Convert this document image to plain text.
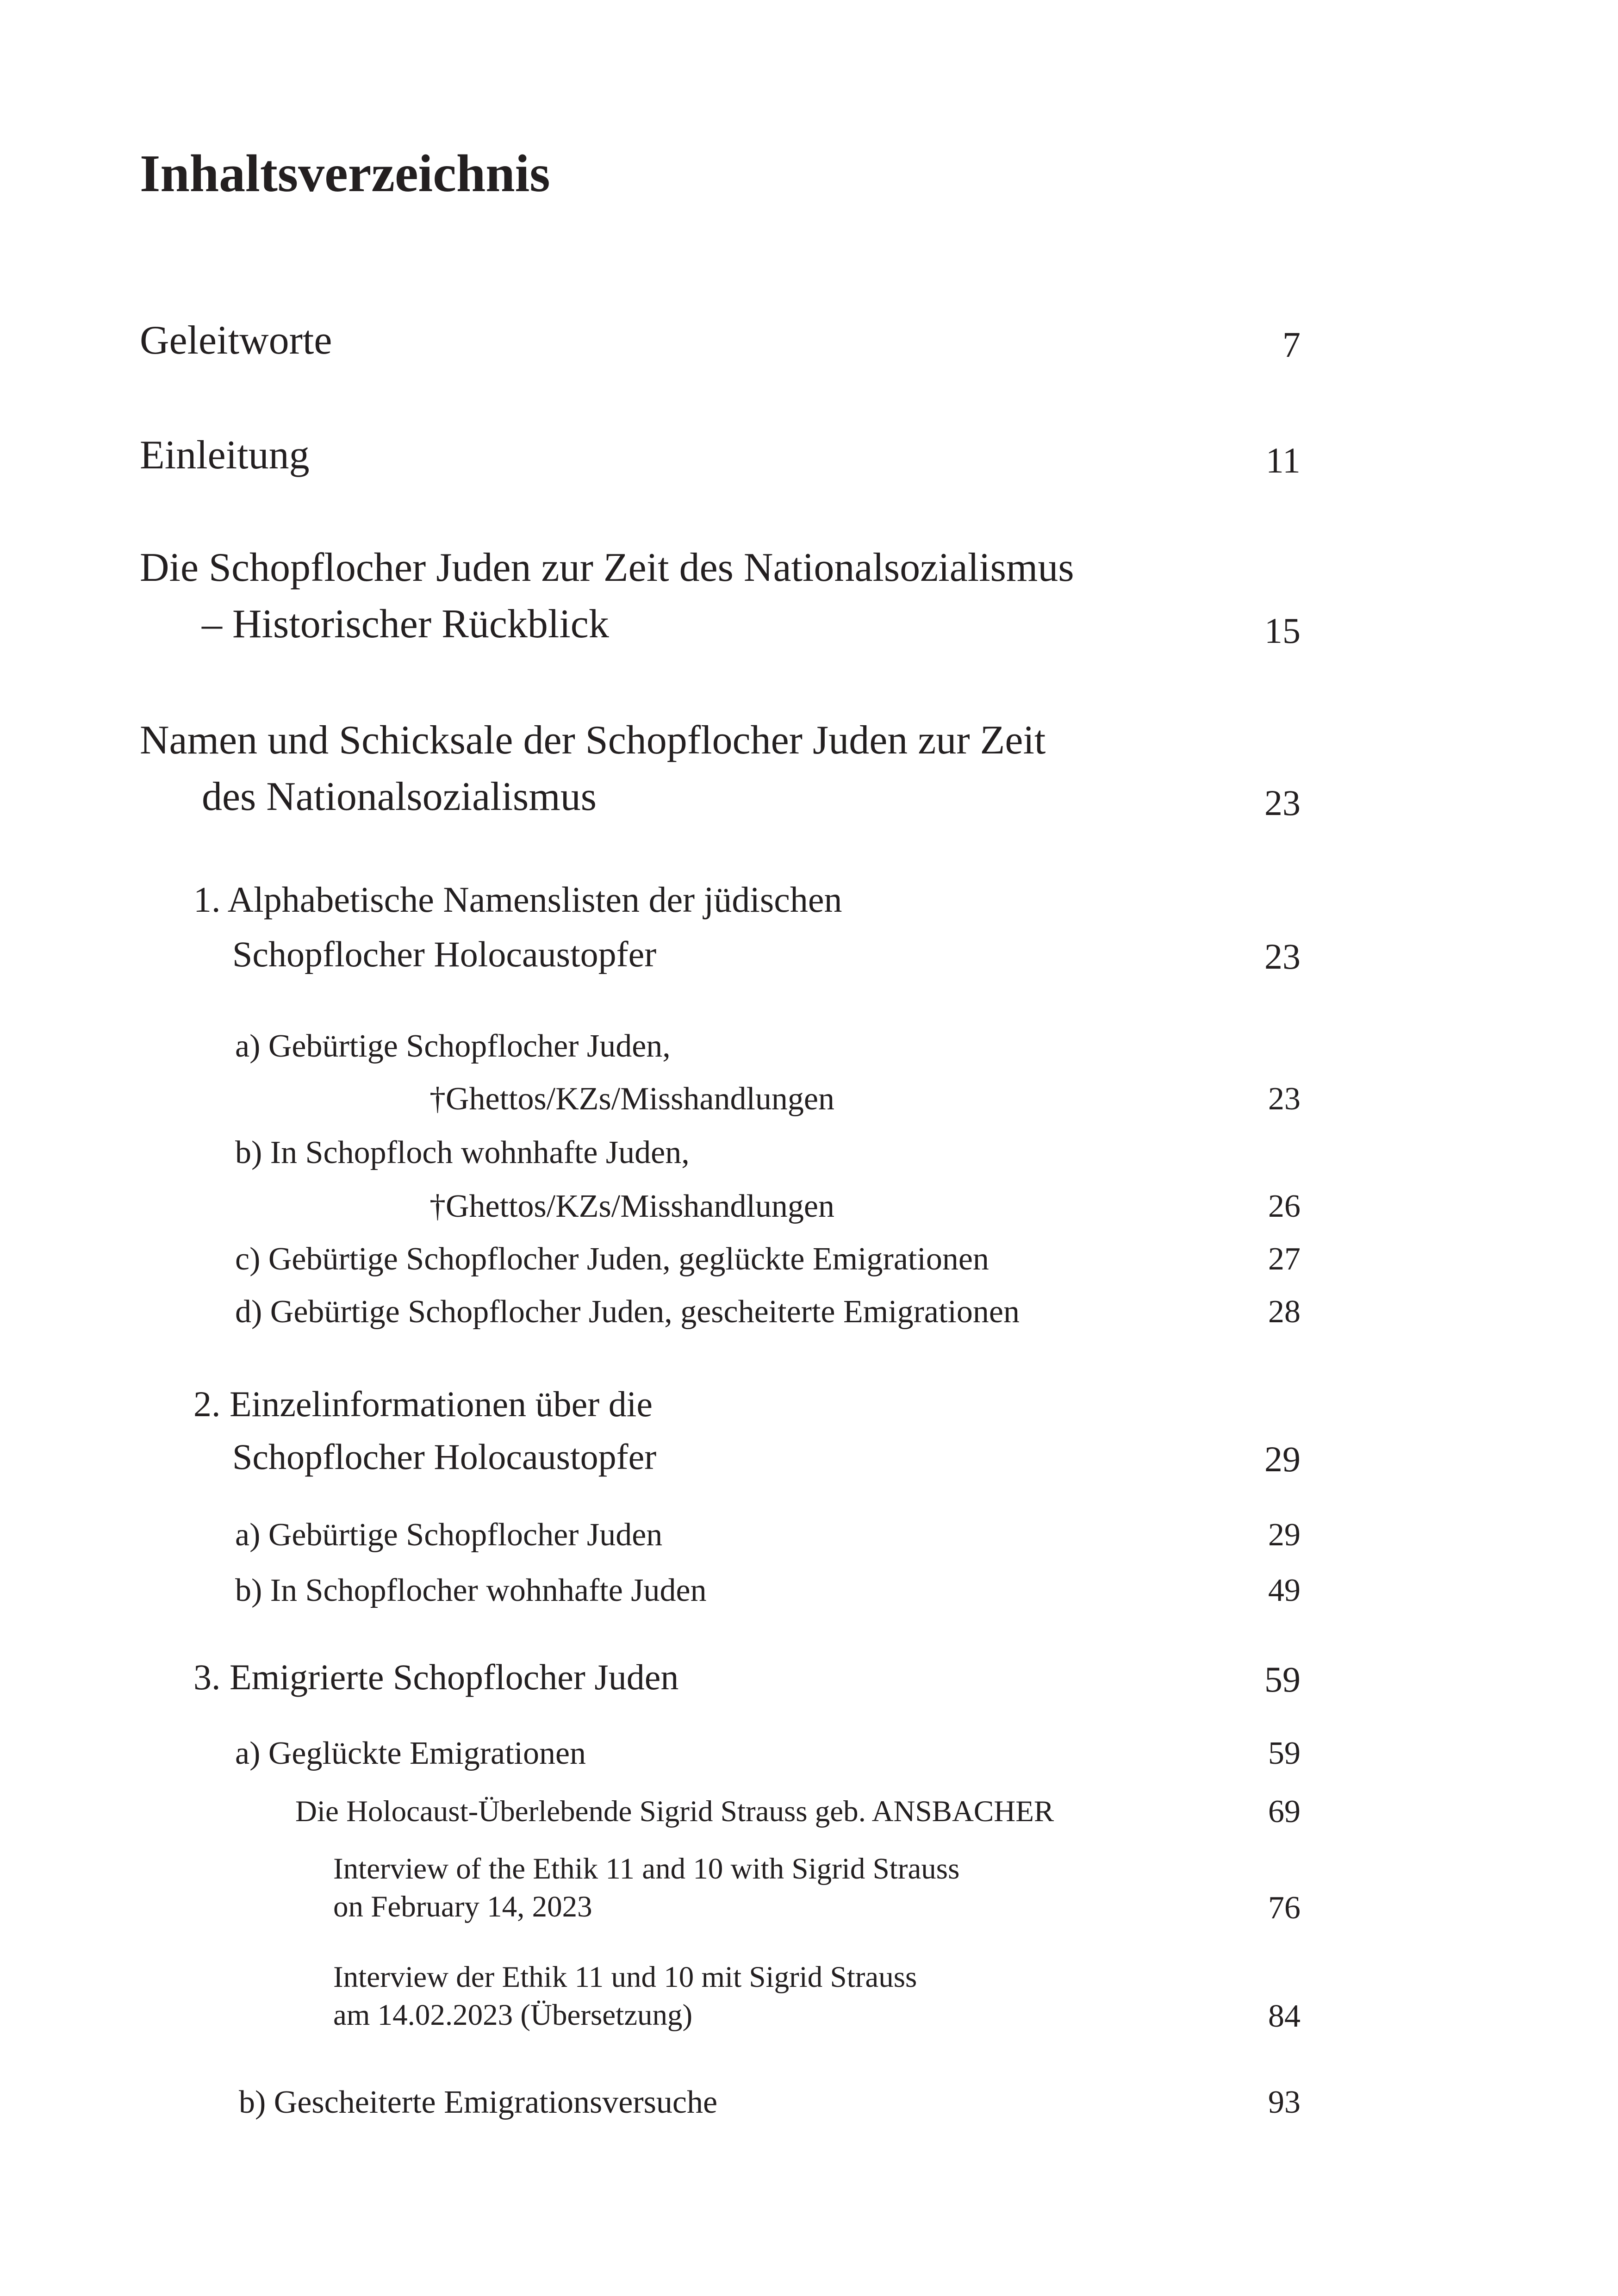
Inhaltsverzeichnis
Geleitworte	7
Einleitung	11
Die Schopflocher Juden zur Zeit des Nationalsozialismus
– Historischer Rückblick	15
Namen und Schicksale der Schopflocher Juden zur Zeit
des Nationalsozialismus	23
1. Alphabetische Namenslisten der jüdischen
Schopflocher Holocaustopfer	23
a) Gebürtige Schopflocher Juden,
†Ghettos/KZs/Misshandlungen	23
b) In Schopfloch wohnhafte Juden,
†Ghettos/KZs/Misshandlungen	26
c) Gebürtige Schopflocher Juden, geglückte Emigrationen	27
d) Gebürtige Schopflocher Juden, gescheiterte Emigrationen	28
2. Einzelinformationen über die
Schopflocher Holocaustopfer	29
a) Gebürtige Schopflocher Juden	29
b) In Schopflocher wohnhafte Juden	49
3. Emigrierte Schopflocher Juden	59
a) Geglückte Emigrationen	59
Die Holocaust-Überlebende Sigrid Strauss geb. ANSBACHER	69
Interview of the Ethik 11 and 10 with Sigrid Strauss
on February 14, 2023	76
Interview der Ethik 11 und 10 mit Sigrid Strauss
am 14.02.2023 (Übersetzung)	84
b) Gescheiterte Emigrationsversuche	93
